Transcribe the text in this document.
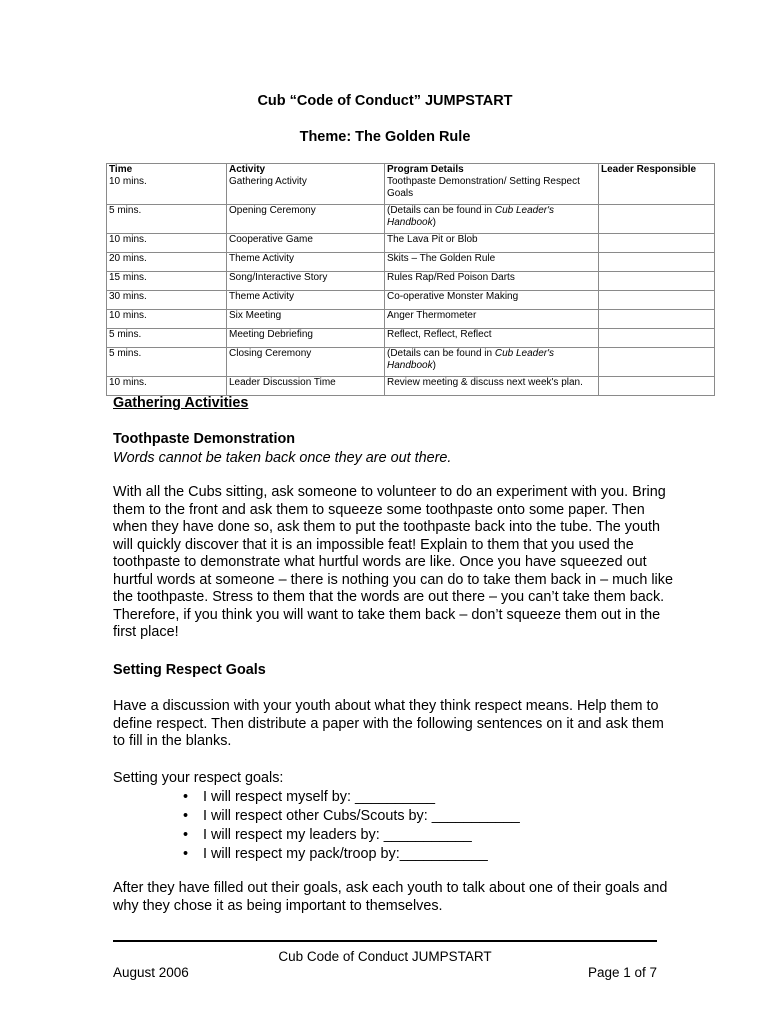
Cub “Code of Conduct” JUMPSTART
Theme: The Golden Rule
Time	Activity	Program Details	Leader Responsible
10 mins.	Gathering Activity	Toothpaste Demonstration/ Setting Respect Goals	
5 mins.	Opening Ceremony	(Details can be found in Cub Leader's Handbook)	
10 mins.	Cooperative Game	The Lava Pit or Blob	
20 mins.	Theme Activity	Skits – The Golden Rule	
15 mins.	Song/Interactive Story	Rules Rap/Red Poison Darts	
30 mins.	Theme Activity	Co-operative Monster Making	
10 mins.	Six Meeting	Anger Thermometer	
5 mins.	Meeting Debriefing	Reflect, Reflect, Reflect	
5 mins.	Closing Ceremony	(Details can be found in Cub Leader's Handbook)	
10 mins.	Leader Discussion Time	Review meeting & discuss next week's plan.	
Gathering Activities
Toothpaste Demonstration
Words cannot be taken back once they are out there.
With all the Cubs sitting, ask someone to volunteer to do an experiment with you. Bring them to the front and ask them to squeeze some toothpaste onto some paper. Then when they have done so, ask them to put the toothpaste back into the tube. The youth will quickly discover that it is an impossible feat! Explain to them that you used the toothpaste to demonstrate what hurtful words are like. Once you have squeezed out hurtful words at someone – there is nothing you can do to take them back in – much like the toothpaste. Stress to them that the words are out there – you can’t take them back. Therefore, if you think you will want to take them back – don’t squeeze them out in the first place!
Setting Respect Goals
Have a discussion with your youth about what they think respect means. Help them to define respect. Then distribute a paper with the following sentences on it and ask them to fill in the blanks.
Setting your respect goals:
• I will respect myself by: __________
• I will respect other Cubs/Scouts by: ___________
• I will respect my leaders by: ___________
• I will respect my pack/troop by:___________
After they have filled out their goals, ask each youth to talk about one of their goals and why they chose it as being important to themselves.
Cub Code of Conduct JUMPSTART
August 2006	Page 1 of 7
